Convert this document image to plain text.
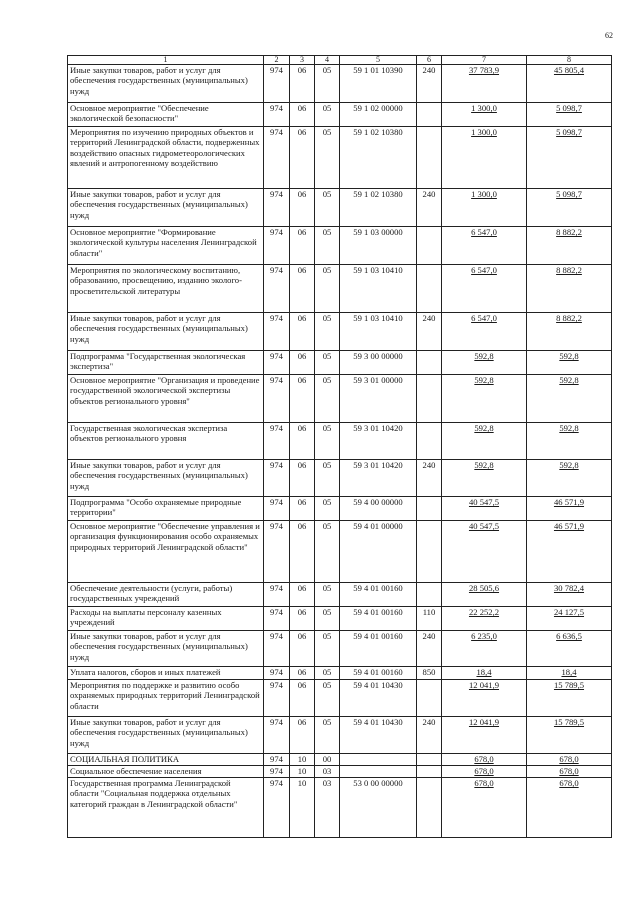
62
1	2	3	4	5	6	7	8
Иные закупки товаров, работ и услуг для обеспечения государственных (муниципальных) нужд	974	06	05	59 1 01 10390	240	37 783,9	45 805,4
Основное мероприятие "Обеспечение экологической безопасности"	974	06	05	59 1 02 00000		1 300,0	5 098,7
Мероприятия по изучению природных объектов и территорий Ленинградской области, подверженных воздействию опасных гидрометеорологических явлений и антропогенному воздействию	974	06	05	59 1 02 10380		1 300,0	5 098,7
Иные закупки товаров, работ и услуг для обеспечения государственных (муниципальных) нужд	974	06	05	59 1 02 10380	240	1 300,0	5 098,7
Основное мероприятие "Формирование экологической культуры населения Ленинградской области"	974	06	05	59 1 03 00000		6 547,0	8 882,2
Мероприятия по экологическому воспитанию, образованию, просвещению, изданию эколого-просветительской литературы	974	06	05	59 1 03 10410		6 547,0	8 882,2
Иные закупки товаров, работ и услуг для обеспечения государственных (муниципальных) нужд	974	06	05	59 1 03 10410	240	6 547,0	8 882,2
Подпрограмма "Государственная экологическая экспертиза"	974	06	05	59 3 00 00000		592,8	592,8
Основное мероприятие "Организация и проведение государственной экологической экспертизы объектов регионального уровня"	974	06	05	59 3 01 00000		592,8	592,8
Государственная экологическая экспертиза объектов регионального уровня	974	06	05	59 3 01 10420		592,8	592,8
Иные закупки товаров, работ и услуг для обеспечения государственных (муниципальных) нужд	974	06	05	59 3 01 10420	240	592,8	592,8
Подпрограмма "Особо охраняемые природные территории"	974	06	05	59 4 00 00000		40 547,5	46 571,9
Основное мероприятие "Обеспечение управления и организация функционирования особо охраняемых природных территорий Ленинградской области"	974	06	05	59 4 01 00000		40 547,5	46 571,9
Обеспечение деятельности (услуги, работы) государственных учреждений	974	06	05	59 4 01 00160		28 505,6	30 782,4
Расходы на выплаты персоналу казенных учреждений	974	06	05	59 4 01 00160	110	22 252,2	24 127,5
Иные закупки товаров, работ и услуг для обеспечения государственных (муниципальных) нужд	974	06	05	59 4 01 00160	240	6 235,0	6 636,5
Уплата налогов, сборов и иных платежей	974	06	05	59 4 01 00160	850	18,4	18,4
Мероприятия по поддержке и развитию особо охраняемых природных территорий Ленинградской области	974	06	05	59 4 01 10430		12 041,9	15 789,5
Иные закупки товаров, работ и услуг для обеспечения государственных (муниципальных) нужд	974	06	05	59 4 01 10430	240	12 041,9	15 789,5
СОЦИАЛЬНАЯ ПОЛИТИКА	974	10	00			678,0	678,0
Социальное обеспечение населения	974	10	03			678,0	678,0
Государственная программа Ленинградской области "Социальная поддержка отдельных категорий граждан в Ленинградской области"	974	10	03	53 0 00 00000		678,0	678,0
